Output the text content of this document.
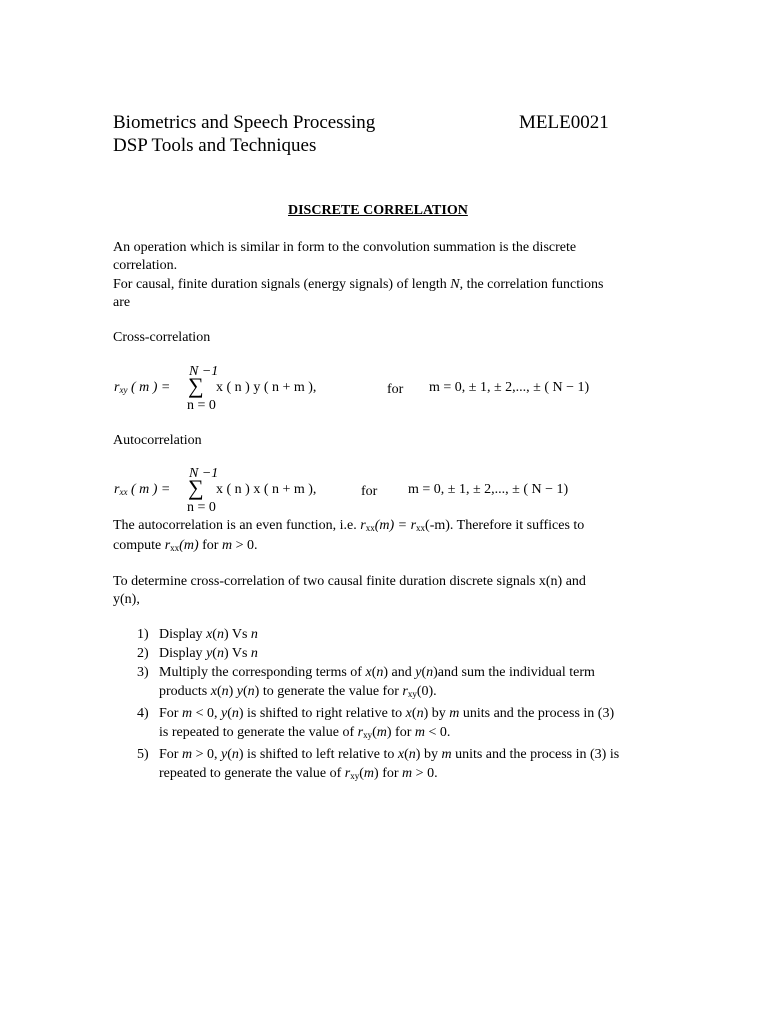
Biometrics and Speech Processing	MELE0021
DSP Tools and Techniques
DISCRETE CORRELATION
An operation which is similar in form to the convolution summation is the discrete
correlation.
For causal, finite duration signals (energy signals) of length N, the correlation functions
are
Cross-correlation
N −1
$r_{xy}$ ( m ) = ∑ x ( n ) y ( n + m ),
n = 0
for m = 0, ± 1, ± 2,..., ± ( N − 1)
Autocorrelation
N −1
$r_{xx}$ ( m ) = ∑ x ( n ) x ( n + m ),
n = 0
for m = 0, ± 1, ± 2,..., ± ( N − 1)
The autocorrelation is an even function, i.e. $r_{xx}(m) = r_{xx}(-m)$. Therefore it suffices to
compute $r_{xx}(m)$ for m > 0.
To determine cross-correlation of two causal finite duration discrete signals x(n) and
y(n),
1) Display x(n) Vs n
2) Display y(n) Vs n
3) Multiply the corresponding terms of x(n) and y(n)and sum the individual term
products x(n) y(n) to generate the value for $r_{xy}(0)$.
4) For m < 0, y(n) is shifted to right relative to x(n) by m units and the process in (3)
is repeated to generate the value of $r_{xy}(m)$ for m < 0.
5) For m > 0, y(n) is shifted to left relative to x(n) by m units and the process in (3) is
repeated to generate the value of $r_{xy}(m)$ for m > 0.
